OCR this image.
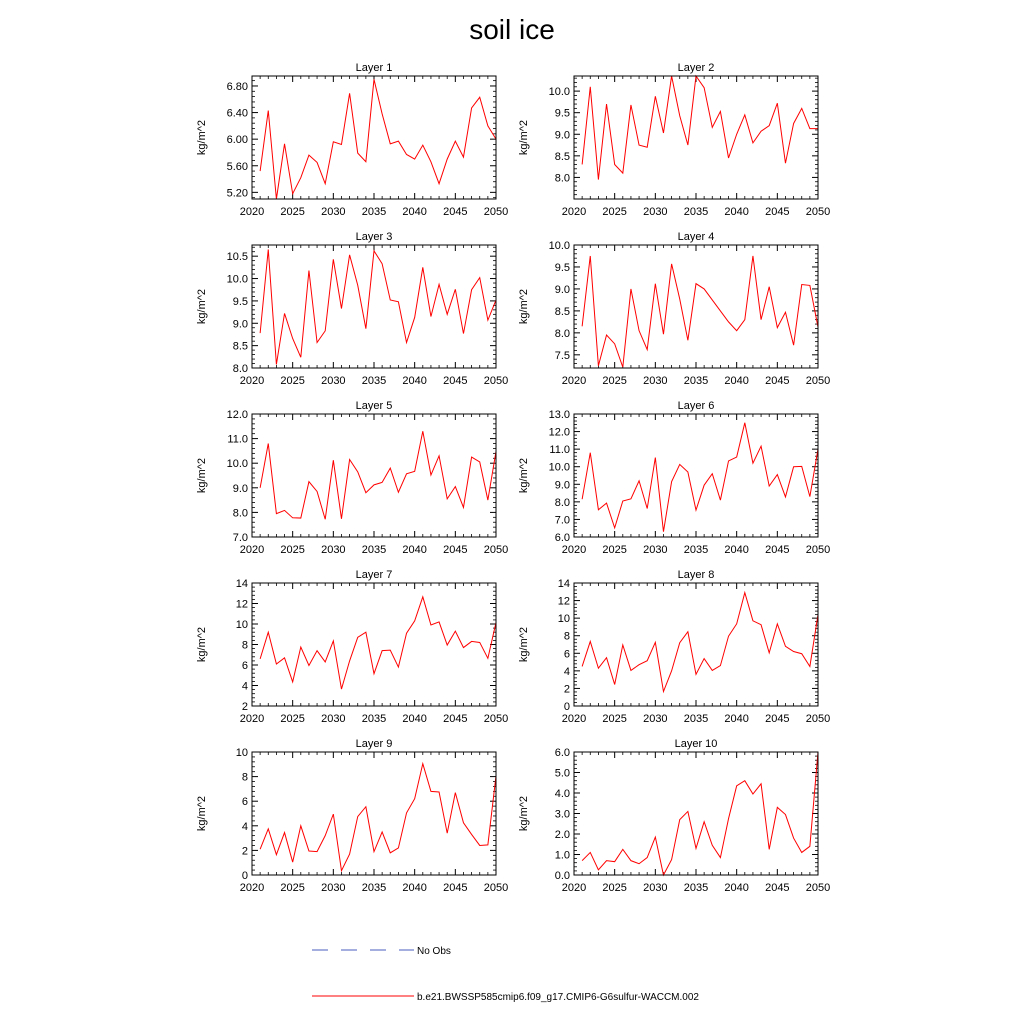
soil ice
Layer 1
kg/m^2
2020 2025 2030 2035 2040 2045 2050
5.20
5.60
6.00
6.40
6.80
Layer 2
kg/m^2
2020 2025 2030 2035 2040 2045 2050
8.0
8.5
9.0
9.5
10.0
Layer 3
kg/m^2
2020 2025 2030 2035 2040 2045 2050
8.0
8.5
9.0
9.5
10.0
10.5
Layer 4
kg/m^2
2020 2025 2030 2035 2040 2045 2050
7.5
8.0
8.5
9.0
9.5
10.0
Layer 5
kg/m^2
2020 2025 2030 2035 2040 2045 2050
7.0
8.0
9.0
10.0
11.0
12.0
Layer 6
kg/m^2
2020 2025 2030 2035 2040 2045 2050
6.0
7.0
8.0
9.0
10.0
11.0
12.0
13.0
Layer 7
kg/m^2
2020 2025 2030 2035 2040 2045 2050
2
4
6
8
10
12
14
Layer 8
kg/m^2
2020 2025 2030 2035 2040 2045 2050
0
2
4
6
8
10
12
14
Layer 9
kg/m^2
2020 2025 2030 2035 2040 2045 2050
0
2
4
6
8
10
Layer 10
kg/m^2
2020 2025 2030 2035 2040 2045 2050
0.0
1.0
2.0
3.0
4.0
5.0
6.0
No Obs
b.e21.BWSSP585cmip6.f09_g17.CMIP6-G6sulfur-WACCM.002
